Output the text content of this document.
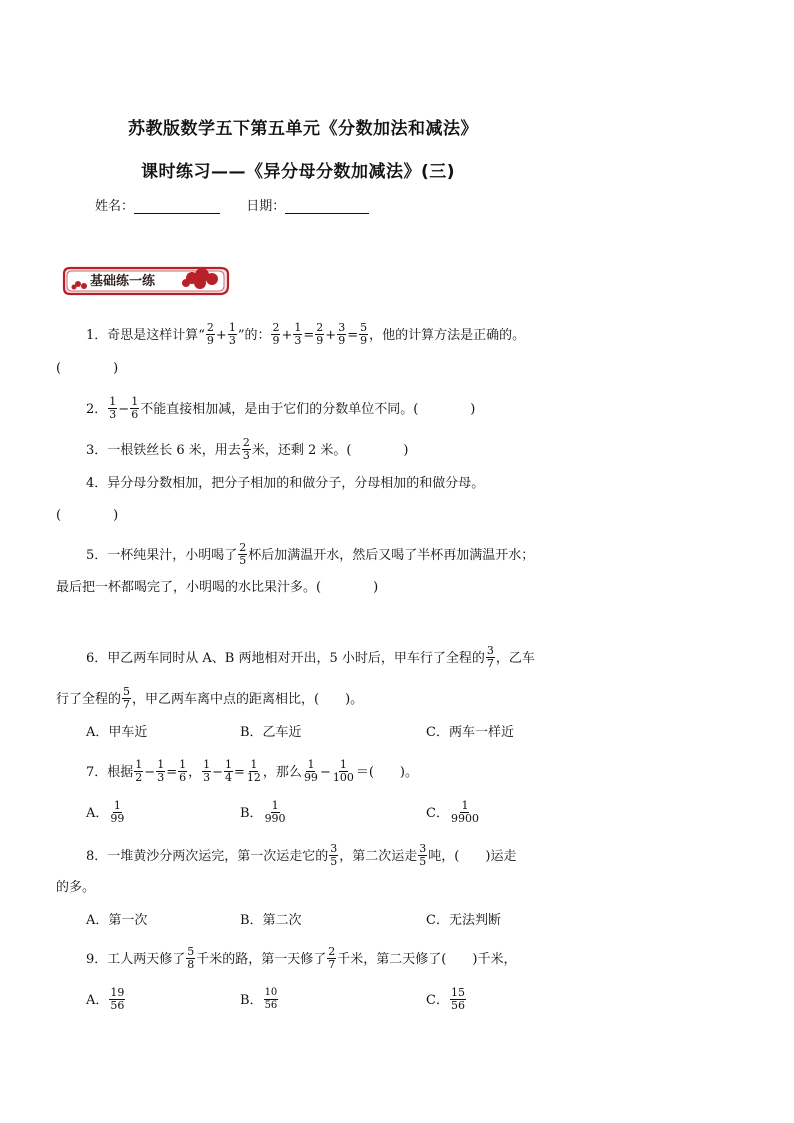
苏教版数学五下第五单元《分数加法和减法》
课时练习——《异分母分数加减法》(三)
姓名：	日期：
基础练一练
1．奇思是这样计算“ $\frac{2}{9} + \frac{1}{3}$ ”的： $\frac{2}{9} + \frac{1}{3} = \frac{2}{9} + \frac{3}{9} = \frac{5}{9}$ ，他的计算方法是正确的。
(　　　　)
2． $\frac{1}{3} - \frac{1}{6}$ 不能直接相加减，是由于它们的分数单位不同。(　　　　)
3．一根铁丝长 6 米，用去 $\frac{2}{3}$ 米，还剩 2 米。(　　　　)
4．异分母分数相加，把分子相加的和做分子，分母相加的和做分母。
(　　　　)
5．一杯纯果汁，小明喝了 $\frac{2}{5}$ 杯后加满温开水，然后又喝了半杯再加满温开水；
最后把一杯都喝完了，小明喝的水比果汁多。(　　　　)
6．甲乙两车同时从 A、B 两地相对开出，5 小时后，甲车行了全程的 $\frac{3}{7}$ ，乙车
行了全程的 $\frac{5}{7}$ ，甲乙两车离中点的距离相比，(　　)。
A．甲车近	B．乙车近	C．两车一样近
7．根据 $\frac{1}{2} - \frac{1}{3} = \frac{1}{6}$ ， $\frac{1}{3} - \frac{1}{4} = \frac{1}{12}$ ，那么 $\frac{1}{99} - \frac{1}{100}$ ＝(　　)。
A． $\frac{1}{99}$	B． $\frac{1}{990}$	C． $\frac{1}{9900}$
8．一堆黄沙分两次运完，第一次运走它的 $\frac{3}{5}$ ，第二次运走 $\frac{3}{5}$ 吨，(　　)运走
的多。
A．第一次	B．第二次	C．无法判断
9．工人两天修了 $\frac{5}{8}$ 千米的路，第一天修了 $\frac{2}{7}$ 千米，第二天修了(　　)千米，
A． $\frac{19}{56}$	B． $\frac{10}{56}$	C． $\frac{15}{56}$
